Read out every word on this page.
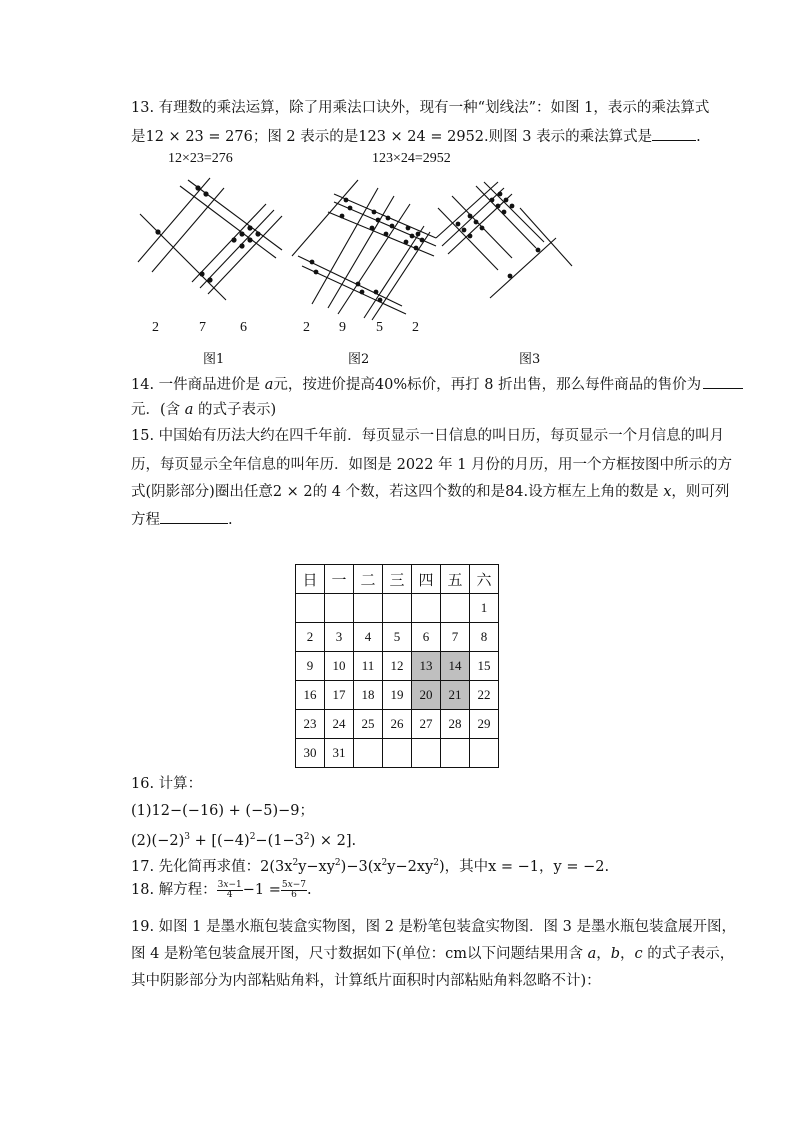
13. 有理数的乘法运算，除了用乘法口诀外，现有一种“划线法”：如图 1，表示的乘法算式
是12 × 23 = 276；图 2 表示的是123 × 24 = 2952.则图 3 表示的乘法算式是	.
12×23=276	123×24=2952
2	7 6	2 9 5 2
图1	图2	图3
14. 一件商品进价是 𝑎元，按进价提高40%标价，再打 8 折出售，那么每件商品的售价为
元．(含 𝑎 的式子表示)
15. 中国始有历法大约在四千年前．每页显示一日信息的叫日历，每页显示一个月信息的叫月
历，每页显示全年信息的叫年历．如图是 2022 年 1 月份的月历，用一个方框按图中所示的方
式(阴影部分)圈出任意2 × 2的 4 个数，若这四个数的和是84.设方框左上角的数是 𝑥，则可列
方程	.
日	一	二	三	四	五	六
						1
2	3	4	5	6	7	8
9	10	11	12	13	14	15
16	17	18	19	20	21	22
23	24	25	26	27	28	29
30	31					
16. 计算：
(1)12−(−16) + (−5)−9；
$(2)(-2)^3 + [(-4)^2-(1-3^2) \times 2]$.
17. 先化简再求值：$2(3x^2y-xy^2)-3(x^2y-2xy^2)$，其中x = −1，y = −2.
18. 解方程： $\frac{\text{3𝑥−1}}{4} -1 = \frac{\text{5𝑥−7}}{6}$ .
19. 如图 1 是墨水瓶包装盒实物图，图 2 是粉笔包装盒实物图．图 3 是墨水瓶包装盒展开图，
图 4 是粉笔包装盒展开图，尺寸数据如下(单位：cm以下问题结果用含 𝑎，𝑏，𝑐 的式子表示，
其中阴影部分为内部粘贴角料，计算纸片面积时内部粘贴角料忽略不计)：
